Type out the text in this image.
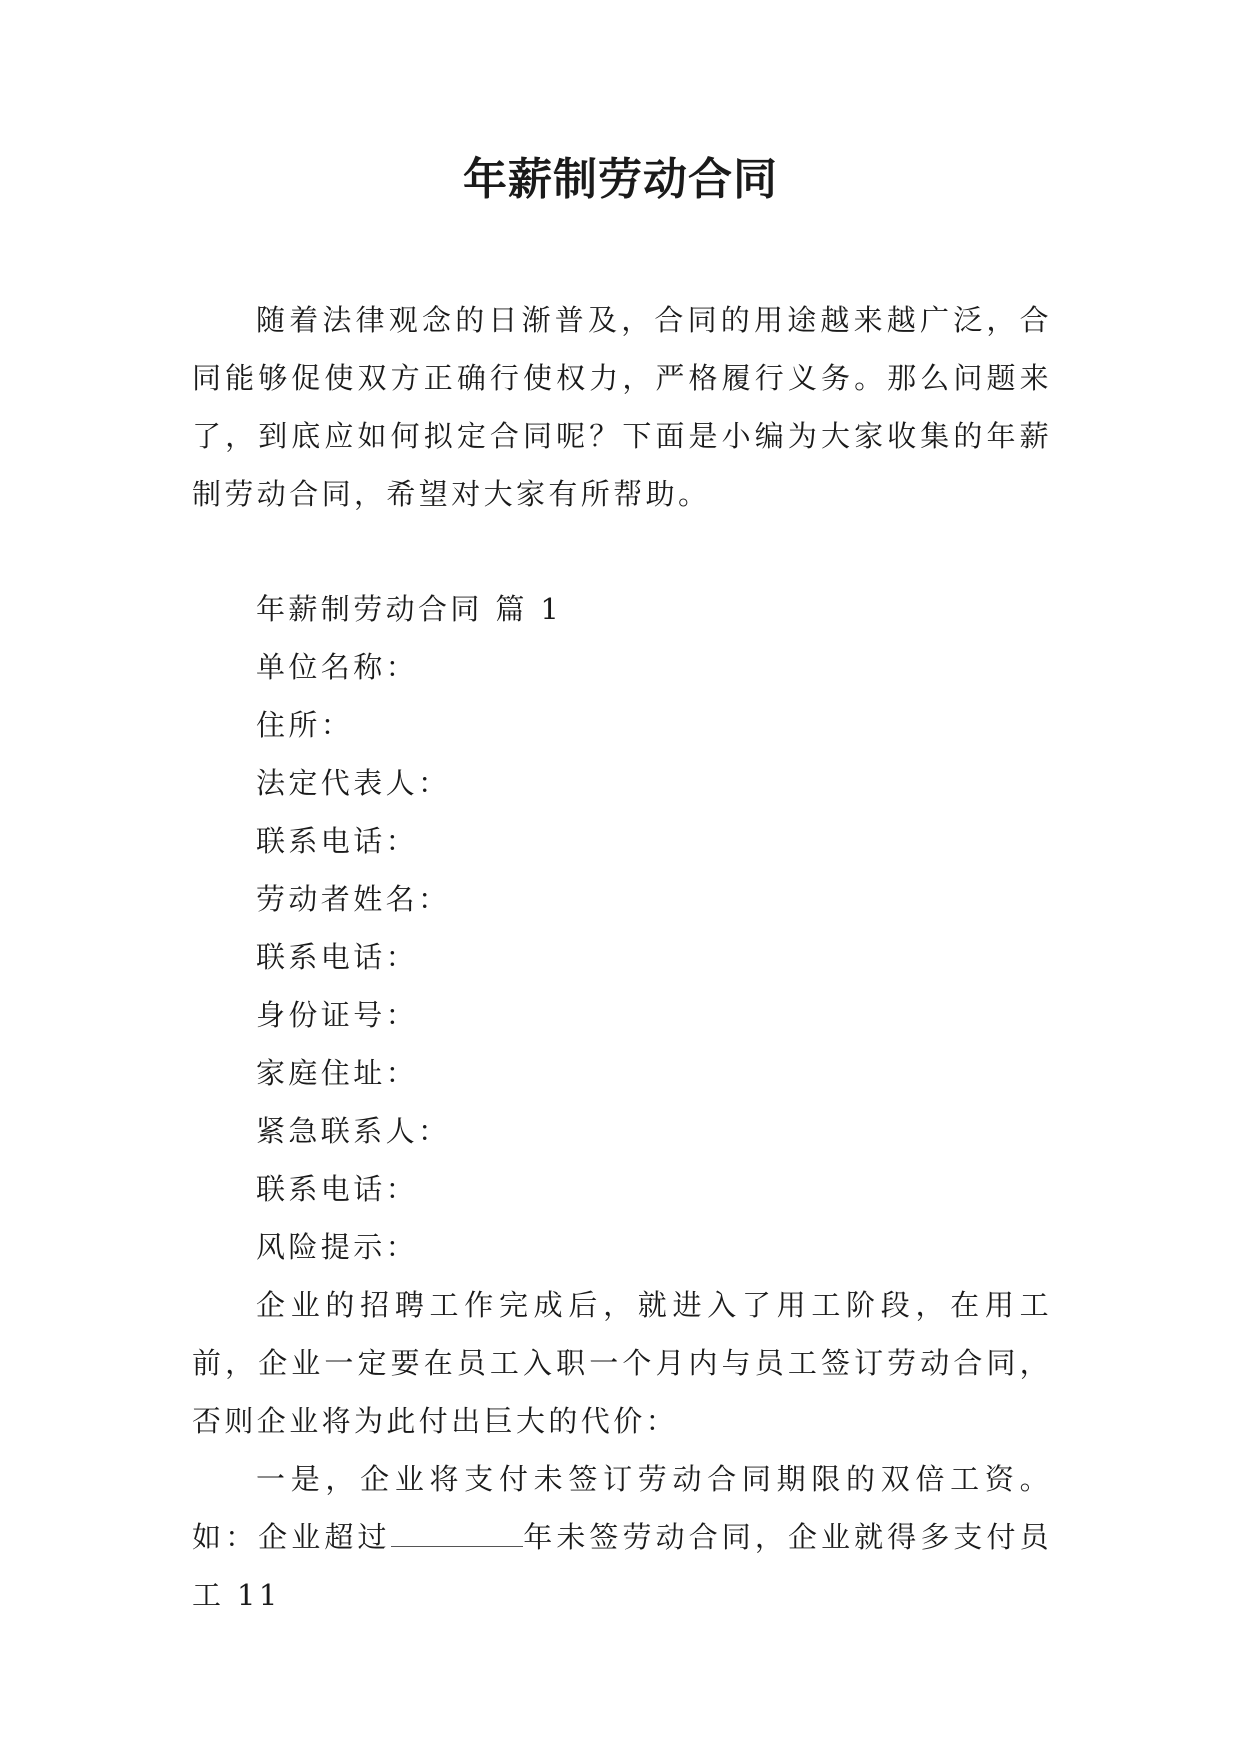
年薪制劳动合同
随着法律观念的日渐普及，合同的用途越来越广泛，合同能够促使双方正确行使权力，严格履行义务。那么问题来了，到底应如何拟定合同呢？下面是小编为大家收集的年薪制劳动合同，希望对大家有所帮助。

年薪制劳动合同 篇 1

单位名称：

住所：

法定代表人：

联系电话：

劳动者姓名：

联系电话：

身份证号：

家庭住址：

紧急联系人：

联系电话：

风险提示：

企业的招聘工作完成后，就进入了用工阶段，在用工前，企业一定要在员工入职一个月内与员工签订劳动合同，否则企业将为此付出巨大的代价：

一是，企业将支付未签订劳动合同期限的双倍工资。如：企业超过	年未签劳动合同，企业就得多支付员工 11
